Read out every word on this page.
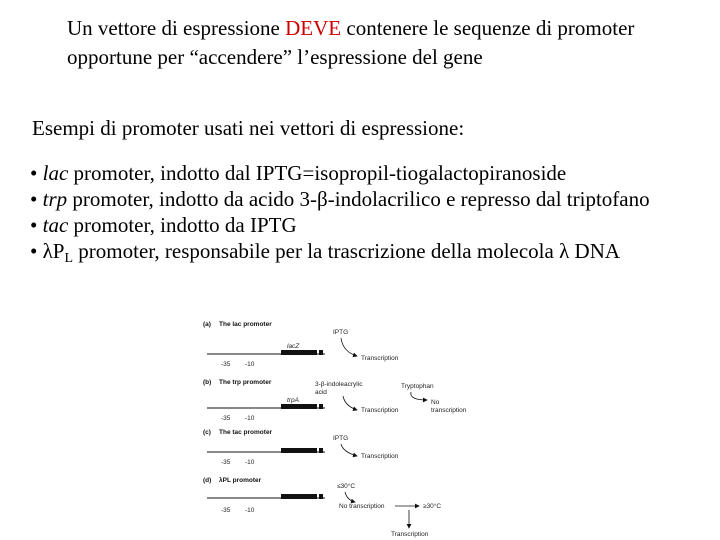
Un vettore di espressione DEVE contenere le sequenze di promoter opportune per “accendere” l’espressione del gene
Esempi di promoter usati nei vettori di espressione:

• lac promoter, indotto dal IPTG=isopropil-tiogalactopiranoside

• trp promoter, indotto da acido 3-β-indolacrilico e represso dal triptofano

• tac promoter, indotto da IPTG

• $\lambda P_L$ promoter, responsabile per la trascrizione della molecola λ DNA

(a) The lac promoter
lacZ
-35 -10
IPTG
Transcription
(b) The trp promoter
trpA
-35 -10
3-β-indoleacrylic
acid
Tryptophan
Transcription
No
transcription
(c) The tac promoter
-35 -10
IPTG
Transcription
(d) λPL promoter
-35 -10
≤30°C
No transcription	≥30°C
Transcription
